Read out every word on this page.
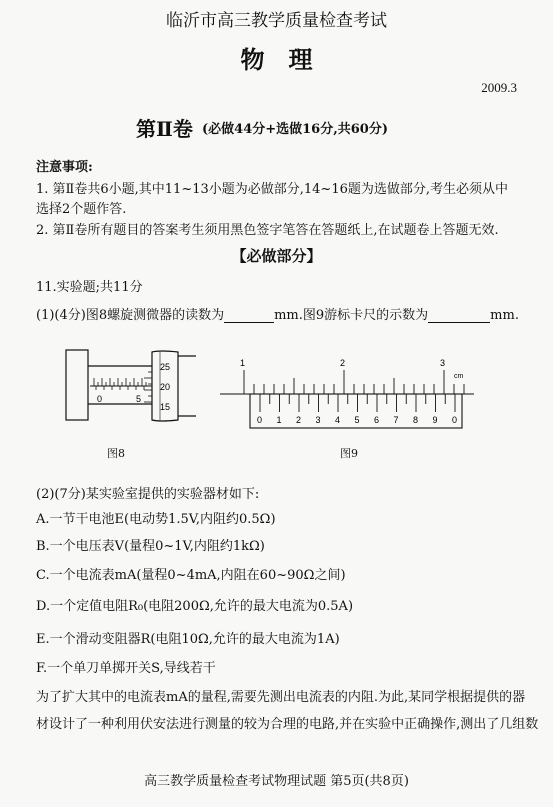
临沂市高三教学质量检查考试
物理
2009.3
第Ⅱ卷 (必做44分+选做16分,共60分)
注意事项:
1. 第Ⅱ卷共6小题,其中11~13小题为必做部分,14~16题为选做部分,考生必须从中
选择2个题作答.
2. 第Ⅱ卷所有题目的答案考生须用黑色签字笔答在答题纸上,在试题卷上答题无效.
【必做部分】
11.实验题;共11分
(1)(4分)图8螺旋测微器的读数为	mm.图9游标卡尺的示数为	mm.
0	5
25
20
15
图8
1	2	3
cm
0 1 2 3 4 5 6 7 8 9 0
图9
(2)(7分)某实验室提供的实验器材如下:
A.一节干电池E(电动势1.5V,内阻约0.5Ω)
B.一个电压表V(量程0~1V,内阻约1kΩ)
C.一个电流表mA(量程0~4mA,内阻在60~90Ω之间)
D.一个定值电阻R₀(电阻200Ω,允许的最大电流为0.5A)
E.一个滑动变阻器R(电阻10Ω,允许的最大电流为1A)
F.一个单刀单掷开关S,导线若干
为了扩大其中的电流表mA的量程,需要先测出电流表的内阻.为此,某同学根据提供的器
材设计了一种利用伏安法进行测量的较为合理的电路,并在实验中正确操作,测出了几组数
高三教学质量检查考试物理试题 第5页(共8页)
